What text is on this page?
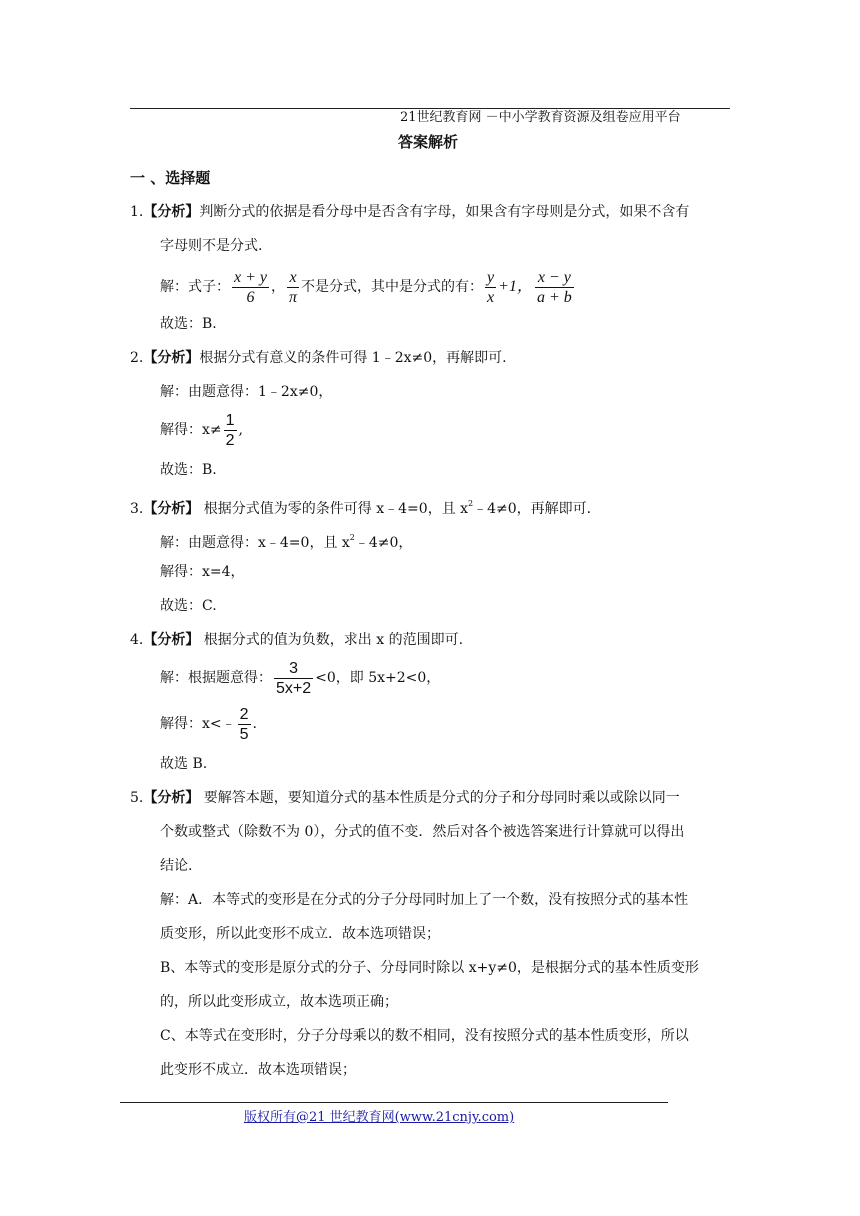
21世纪教育网 －中小学教育资源及组卷应用平台
答案解析
一 、选择题
1.【分析】判断分式的依据是看分母中是否含有字母，如果含有字母则是分式，如果不含有
字母则不是分式.
解：式子： $\frac{x + y}{6}$ ， $\frac{x}{\pi}$ 不是分式，其中是分式的有： $\frac{y}{x} +1$， $\frac{x - y}{a + b}$
故选：B.
2.【分析】根据分式有意义的条件可得 1﹣2x≠0，再解即可.
解：由题意得：1﹣2x≠0，
解得：$x\ne \frac{1}{2}$ ,
故选：B.
3.【分析】 根据分式值为零的条件可得 x﹣4=0，且 $x^2﹣4\ne 0$，再解即可.
解：由题意得：x﹣4=0，且 $x^2﹣4\ne 0$，
解得：x=4，
故选：C.
4.【分析】 根据分式的值为负数，求出 x 的范围即可.
解：根据题意得： $\frac{3}{5x+2} <0$，即 5x+2<0，
解得：x<﹣ $\frac{2}{5}$ .
故选 B.
5.【分析】 要解答本题，要知道分式的基本性质是分式的分子和分母同时乘以或除以同一
个数或整式（除数不为 0），分式的值不变．然后对各个被选答案进行计算就可以得出
结论.
解：A．本等式的变形是在分式的分子分母同时加上了一个数，没有按照分式的基本性
质变形，所以此变形不成立．故本选项错误；
B、本等式的变形是原分式的分子、分母同时除以 x+y≠0，是根据分式的基本性质变形
的，所以此变形成立，故本选项正确；
C、本等式在变形时，分子分母乘以的数不相同，没有按照分式的基本性质变形，所以
此变形不成立．故本选项错误；
版权所有@21 世纪教育网(www.21cnjy.com)
